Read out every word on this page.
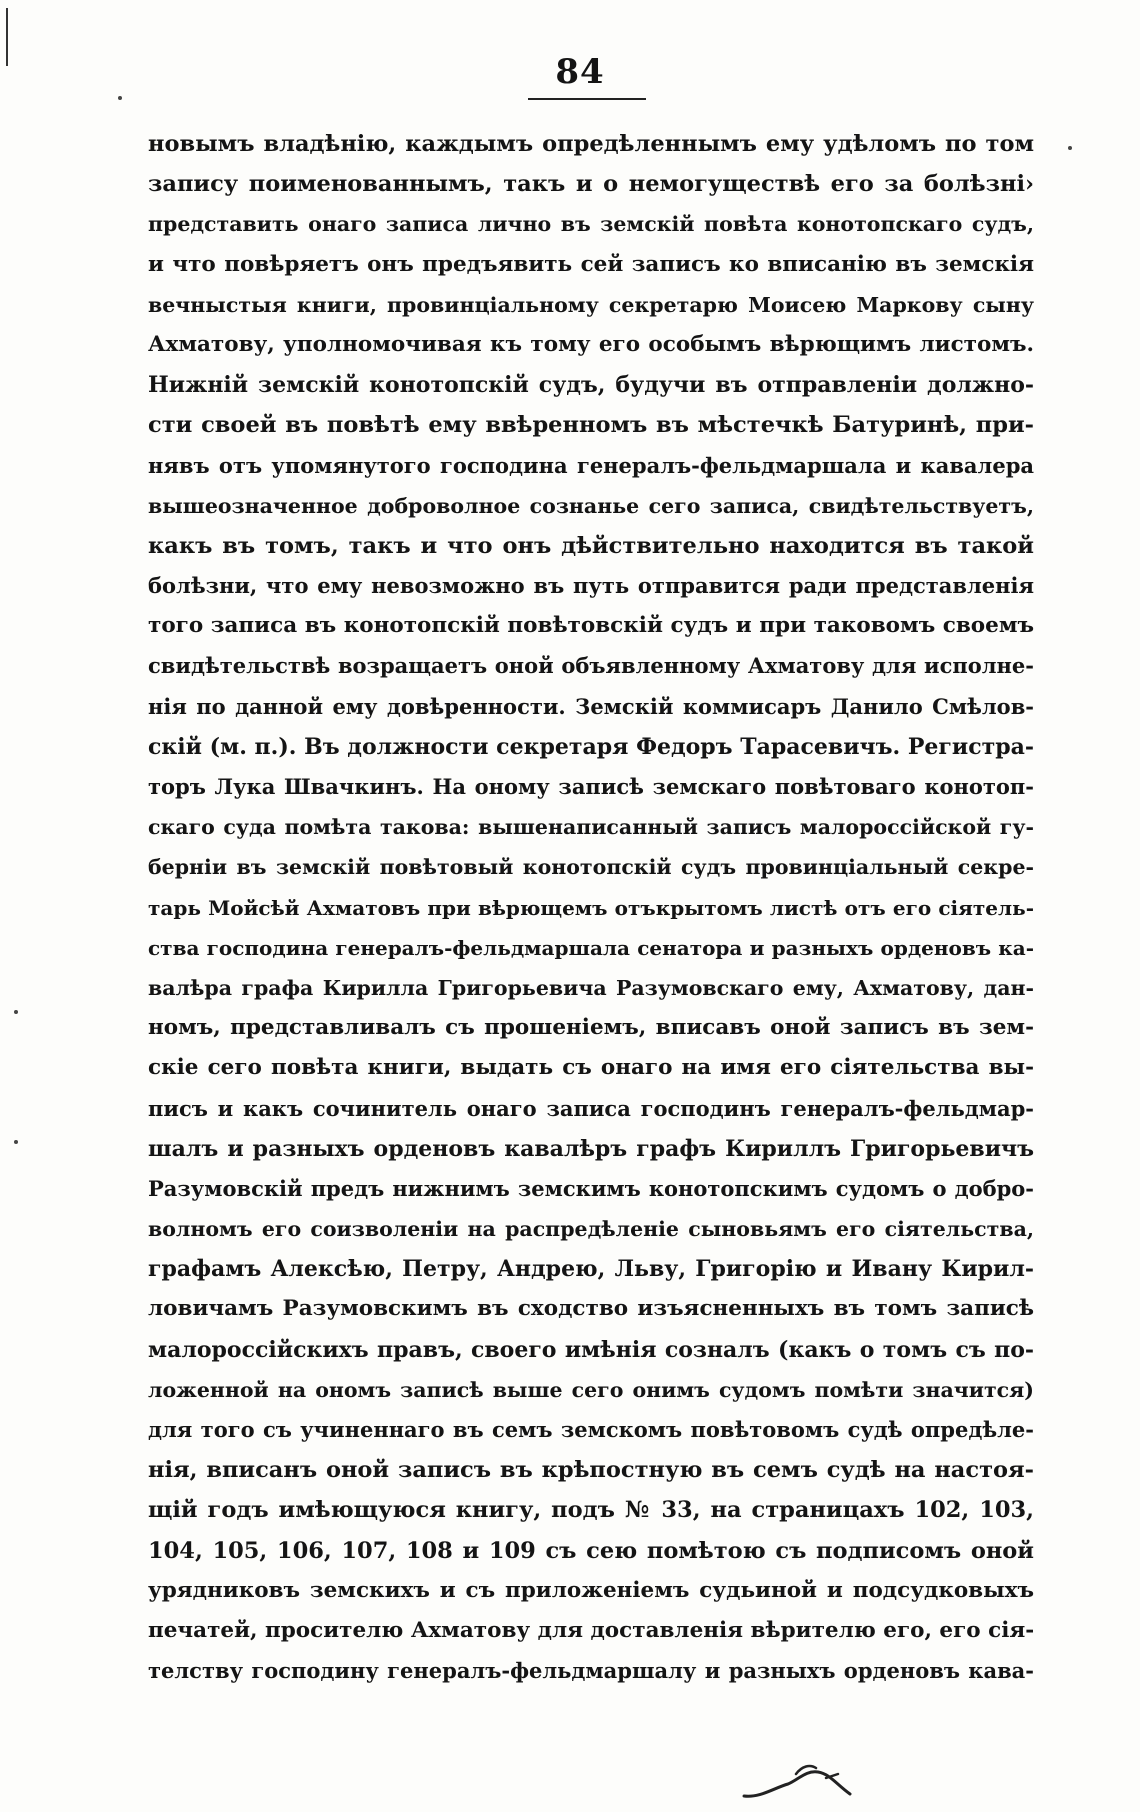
84
новымъ владѣнію, каждымъ опредѣленнымъ ему удѣломъ по том
запису поименованнымъ, такъ и о немогуществѣ его за болѣзні›
представить онаго записа лично въ земскій повѣта конотопскаго судъ,
и что повѣряетъ онъ предъявить сей записъ ко вписанію въ земскія
вечныстыя книги, провинціальному секретарю Моисею Маркову сыну
Ахматову, уполномочивая къ тому его особымъ вѣрющимъ листомъ.
Нижній земскій конотопскій судъ, будучи въ отправленіи должно-
сти своей въ повѣтѣ ему ввѣренномъ въ мѣстечкѣ Батуринѣ, при-
нявъ отъ упомянутого господина генералъ-фельдмаршала и кавалера
вышеозначенное доброволное сознанье сего записа, свидѣтельствуетъ,
какъ въ томъ, такъ и что онъ дѣйствительно находится въ такой
болѣзни, что ему невозможно въ путь отправится ради представленія
того записа въ конотопскій повѣтовскій судъ и при таковомъ своемъ
свидѣтельствѣ возращаетъ оной объявленному Ахматову для исполне-
нія по данной ему довѣренности. Земскій коммисаръ Данило Смѣлов-
скій (м. п.). Въ должности секретаря Федоръ Тарасевичъ. Регистра-
торъ Лука Швачкинъ. На оному записѣ земскаго повѣтоваго конотоп-
скаго суда помѣта такова: вышенаписанный записъ малороссійской гу-
берніи въ земскій повѣтовый конотопскій судъ провинціальный секре-
тарь Мойсѣй Ахматовъ при вѣрющемъ отъкрытомъ листѣ отъ его сіятель-
ства господина генералъ-фельдмаршала сенатора и разныхъ орденовъ ка-
валѣра графа Кирилла Григорьевича Разумовскаго ему, Ахматову, дан-
номъ, представливалъ съ прошеніемъ, вписавъ оной записъ въ зем-
скіе сего повѣта книги, выдать съ онаго на имя его сіятельства вы-
писъ и какъ сочинитель онаго записа господинъ генералъ-фельдмар-
шалъ и разныхъ орденовъ кавалѣръ графъ Кириллъ Григорьевичъ
Разумовскій предъ нижнимъ земскимъ конотопскимъ судомъ о добро-
волномъ его соизволеніи на распредѣленіе сыновьямъ его сіятельства,
графамъ Алексѣю, Петру, Андрею, Льву, Григорію и Ивану Кирил-
ловичамъ Разумовскимъ въ сходство изъясненныхъ въ томъ записѣ
малороссійскихъ правъ, своего имѣнія созналъ (какъ о томъ съ по-
ложенной на ономъ записѣ выше сего онимъ судомъ помѣти значится)
для того съ учиненнаго въ семъ земскомъ повѣтовомъ судѣ опредѣле-
нія, вписанъ оной записъ въ крѣпостную въ семъ судѣ на настоя-
щій годъ имѣющуюся книгу, подъ № 33, на страницахъ 102, 103,
104, 105, 106, 107, 108 и 109 съ сею помѣтою съ подписомъ оной
урядниковъ земскихъ и съ приложеніемъ судьиной и подсудковыхъ
печатей, просителю Ахматову для доставленія вѣрителю его, его сія-
телству господину генералъ-фельдмаршалу и разныхъ орденовъ кава-
